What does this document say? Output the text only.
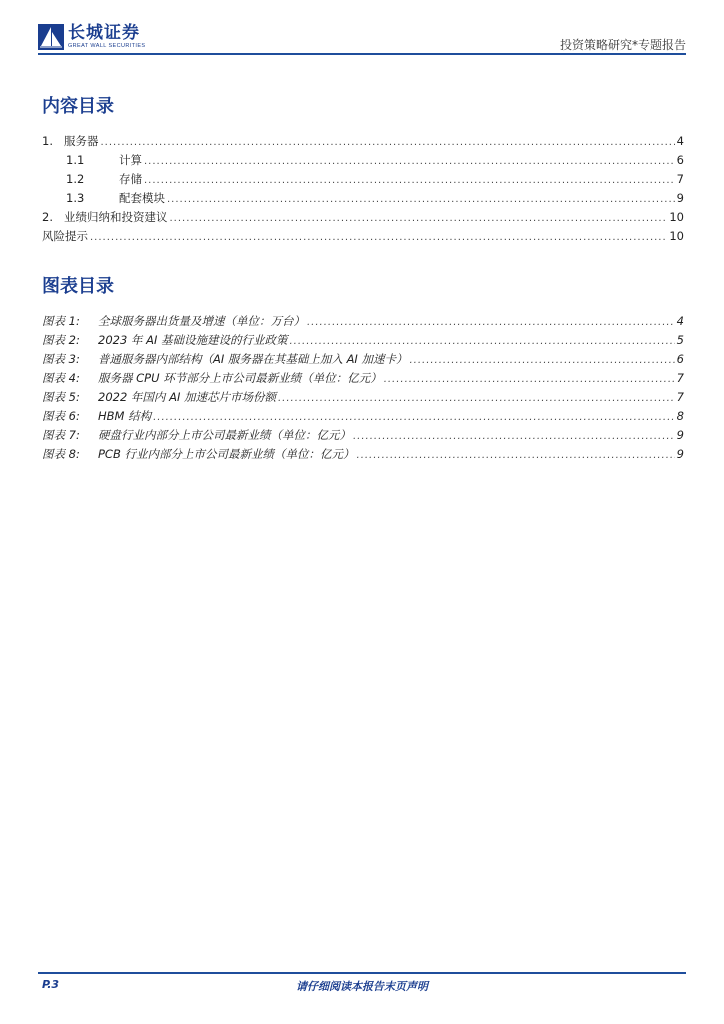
长城证券
GREAT WALL SECURITIES	投资策略研究*专题报告
内容目录
1. 服务器 .....	4
1.1	计算 .....	6
1.2	存储 .....	7
1.3	配套模块 .....	9
2. 业绩归纳和投资建议 .....	10
风险提示 .....	10
图表目录
图表 1:	全球服务器出货量及增速（单位：万台） .....	4
图表 2:	2023 年 AI 基础设施建设的行业政策 .....	5
图表 3:	普通服务器内部结构（AI 服务器在其基础上加入 AI 加速卡） .....	6
图表 4:	服务器 CPU 环节部分上市公司最新业绩（单位：亿元） .....	7
图表 5:	2022 年国内 AI 加速芯片市场份额 .....	7
图表 6:	HBM 结构 .....	8
图表 7:	硬盘行业内部分上市公司最新业绩（单位：亿元） .....	9
图表 8:	PCB 行业内部分上市公司最新业绩（单位：亿元） .....	9
P.3	请仔细阅读本报告末页声明
